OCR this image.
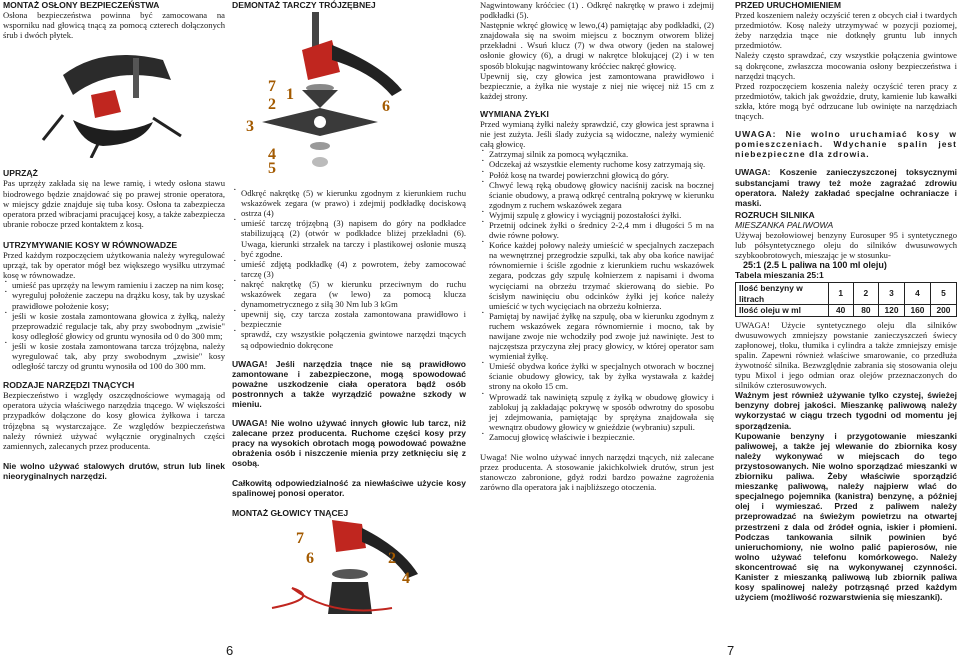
MONTAŻ OSŁONY BEZPIECZEŃSTWA

Osłona bezpieczeństwa powinna być zamocowana na wsporniku nad głowicą tnącą za pomocą czterech dołączonych śrub i dwóch płytek.

UPRZĄŻ

Pas uprzęży zakłada się na lewe ramię, i wtedy osłona stawu biodrowego będzie znajdować się po prawej stronie operatora, w miejscy gdzie znajduje się tuba kosy. Osłona ta zabezpiecza operatora przed wibracjami pracującej kosy, a także zabezpiecza ubranie robocze przed kontaktem z kosą.

UTRZYMYWANIE KOSY W RÓWNOWADZE

Przed każdym rozpoczęciem użytkowania należy wyregulować uprząż, tak by operator mógł bez większego wysiłku utrzymać kosę w równowadze.

· umieść pas uprzęży na lewym ramieniu i zaczep na nim kosę;
· wyreguluj położenie zaczepu na drążku kosy, tak by uzyskać prawidłowe położenie kosy;
· jeśli w kosie została zamontowana głowica z żyłką, należy przeprowadzić regulacje tak, aby przy swobodnym „zwisie" kosy odległość głowicy od gruntu wynosiła od 0 do 300 mm;
· jeśli w kosie została zamontowana tarcza trójzębna, należy wyregulować tak, aby przy swobodnym „zwisie" kosy odległość tarczy od gruntu wynosiła od 100 do 300 mm.
RODZAJE NARZĘDZI TNĄCYCH

Bezpieczeństwo i względy oszczędnościowe wymagają od operatora użycia właściwego narzędzia tnącego. W większości przypadków dołączone do kosy głowica żyłkowa i tarcza trójzębna są wystarczające. Ze względów bezpieczeństwa należy również używać wyłącznie oryginalnych części zamiennych, zalecanych przez producenta.

Nie wolno używać stalowych drutów, strun lub linek nieoryginalnych narzędzi.

DEMONTAŻ TARCZY TRÓJZĘBNEJ
7 1
2	6
3
4
5
· Odkręć nakrętkę (5) w kierunku zgodnym z kierunkiem ruchu wskazówek zegara (w prawo) i zdejmij podkładkę dociskową ostrza (4)
· umieść tarczę trójzębną (3) napisem do góry na podkładce stabilizującą (2) (otwór w podkładce bliżej przekładni (6). Uwaga, kierunki strzałek na tarczy i plastikowej osłonie muszą być zgodne.
· umieść zdjętą podkładkę (4) z powrotem, żeby zamocować tarczę (3)
· nakręć nakrętkę (5) w kierunku przeciwnym do ruchu wskazówek zegara (w lewo) za pomocą klucza dynamometrycznego z siłą 30 Nm lub 3 kGm
· upewnij się, czy tarcza została zamontowana prawidłowo i bezpiecznie
· sprawdź, czy wszystkie połączenia gwintowe narzędzi tnących są odpowiednio dokręcone

UWAGA! Jeśli narzędzia tnące nie są prawidłowo zamontowane i zabezpieczone, mogą spowodować poważne uszkodzenie ciała operatora bądź osób postronnych a także wyrządzić poważne szkody w mieniu.

UWAGA! Nie wolno używać innych głowic lub tarcz, niż zalecane przez producenta. Ruchome części kosy przy pracy na wysokich obrotach mogą powodować poważne obrażenia osób i niszczenie mienia przy zetknięciu się z osobą.

Całkowitą odpowiedzialność za niewłaściwe użycie kosy spalinowej ponosi operator.

MONTAŻ GŁOWICY TNĄCEJ
7
6	2
4
6

Nagwintowany króćciec (1) . Odkręć nakrętkę w prawo i zdejmij podkładki (5).

Następnie wkręć głowicę w lewo,(4) pamiętając aby podkładki, (2) znajdowała się na swoim miejscu z bocznym otworem bliżej przekładni . Wsuń klucz (7) w dwa otwory (jeden na stalowej osłonie głowicy (6), a drugi w nakrętce blokującej (2) i w ten sposób blokując nagwintowany króćciec nakręć głowicę.

Upewnij się, czy głowica jest zamontowana prawidłowo i bezpiecznie, a żyłka nie wystaje z niej nie więcej niż 15 cm z każdej strony.

WYMIANA ŻYŁKI

Przed wymianą żyłki należy sprawdzić, czy głowica jest sprawna i nie jest zużyta. Jeśli ślady zużycia są widoczne, należy wymienić całą głowicę.

· Zatrzymaj silnik za pomocą wyłącznika.
· Odczekaj aż wszystkie elementy ruchome kosy zatrzymają się.
· Połóż kosę na twardej powierzchni głowicą do góry.
· Chwyć lewą ręką obudowę głowicy naciśnij zacisk na bocznej ścianie obudowy, a prawą odkręć centralną pokrywę w kierunku zgodnym z ruchem wskazówek zegara
· Wyjmij szpulę z głowicy i wyciągnij pozostałości żyłki.
· Przetnij odcinek żyłki o średnicy 2-2,4 mm i długości 5 m na dwie równe połowy.
· Końce każdej połowy należy umieścić w specjalnych zaczepach na wewnętrznej przegrodzie szpulki, tak aby oba końce nawijać równomiernie i ściśle zgodnie z kierunkiem ruchu wskazówek zegara, podczas gdy szpulę kołnierzem z napisami i dwoma wycięciami na obrzeżu trzymać skierowaną do siebie. Po ścisłym nawinięciu obu odcinków żyłki jej końce należy umieścić w tych wycięciach na obrzeżu kołnierza.
· Pamiętaj by nawijać żyłkę na szpulę, oba w kierunku zgodnym z ruchem wskazówek zegara równomiernie i mocno, tak by nawijane zwoje nie wchodziły pod zwoje już nawinięte. Jest to najczęstsza przyczyna złej pracy głowicy, w której operator sam wymieniał żyłkę.
· Umieść obydwa końce żyłki w specjalnych otworach w bocznej ścianie obudowy głowicy, tak by żyłka wystawała z każdej strony na około 15 cm.
· Wprowadź tak nawiniętą szpulę z żyłką w obudowę głowicy i zablokuj ją zakładając pokrywę w sposób odwrotny do sposobu jej zdejmowania, pamiętając by sprężyna znajdowała się wewnątrz obudowy głowicy w gnieździe (wybraniu) szpuli.
· Zamocuj głowicę właściwie i bezpiecznie.

Uwaga! Nie wolno używać innych narzędzi tnących, niż zalecane przez producenta. A stosowanie jakichkolwiek drutów, strun jest stanowczo zabronione, gdyż rodzi bardzo poważne zagrożenia zarówno dla operatora jak i najbliższego otoczenia.

PRZED URUCHOMIENIEM

Przed koszeniem należy oczyścić teren z obcych ciał i twardych przedmiotów. Kosę należy utrzymywać w pozycji poziomej, żeby narzędzia tnące nie dotknęły gruntu lub innych przedmiotów.

Należy często sprawdzać, czy wszystkie połączenia gwintowe są dokręcone, zwłaszcza mocowania osłony bezpieczeństwa i narzędzi tnących.

Przed rozpoczęciem koszenia należy oczyścić teren pracy z przedmiotów, takich jak gwoździe, druty, kamienie lub kawałki szkła, które mogą być odrzucane lub owinięte na narzędziach tnących.

UWAGA: Nie wolno uruchamiać kosy w pomieszczeniach. Wdychanie spalin jest niebezpieczne dla zdrowia.

UWAGA: Koszenie zanieczyszczonej toksycznymi substancjami trawy też może zagrażać zdrowiu operatora. Należy zakładać specjalne ochraniacze i maski.

ROZRUCH SILNIKA
MIESZANKA PALIWOWA

Używaj bezołowiowej benzyny Eurosuper 95 i syntetycznego lub półsyntetycznego oleju do silników dwusuwowych szybkoobrotowych, mieszając je w stosunku-

25:1 (2.5 L paliwa na 100 ml oleju)
Tabela mieszania 25:1
Ilość benzyny w litrach	1	2	3	4	5
Ilość oleju w ml	40	80	120	160	200

UWAGA! Użycie syntetycznego oleju dla silników dwusuwowych zmniejszy powstanie zanieczyszczeń świecy zapłonowej, tłoku, tłumika i cylindra a także zmniejszy emisje spalin. Zapewni również właściwe smarowanie, co przedłuża żywotność silnika. Bezwzględnie zabrania się stosowania oleju typu Mixol i jego odmian oraz olejów przeznaczonych do silników czterosuwowych.

Ważnym jest również używanie tylko czystej, świeżej benzyny dobrej jakości. Mieszankę paliwową należy wykorzystać w ciągu trzech tygodni od momentu jej sporządzenia.

Kupowanie benzyny i przygotowanie mieszanki paliwowej, a także jej wlewanie do zbiornika kosy należy wykonywać w miejscach do tego przystosowanych. Nie wolno sporządzać mieszanki w zbiorniku paliwa. Żeby właściwie sporządzić mieszankę paliwową, należy najpierw wlać do specjalnego pojemnika (kanistra) benzynę, a później olej i wymieszać. Przed z paliwem należy przeprowadzać na świeżym powietrzu na otwartej przestrzeni z dala od źródeł ognia, iskier i płomieni. Podczas tankowania silnik powinien być unieruchomiony, nie wolno palić papierosów, nie wolno używać telefonu komórkowego. Należy skoncentrować się na wykonywanej czynności. Kanister z mieszanką paliwową lub zbiornik paliwa kosy spalinowej należy potrząsnąć przed każdym użyciem (możliwość rozwarstwienia się mieszanki).

7
